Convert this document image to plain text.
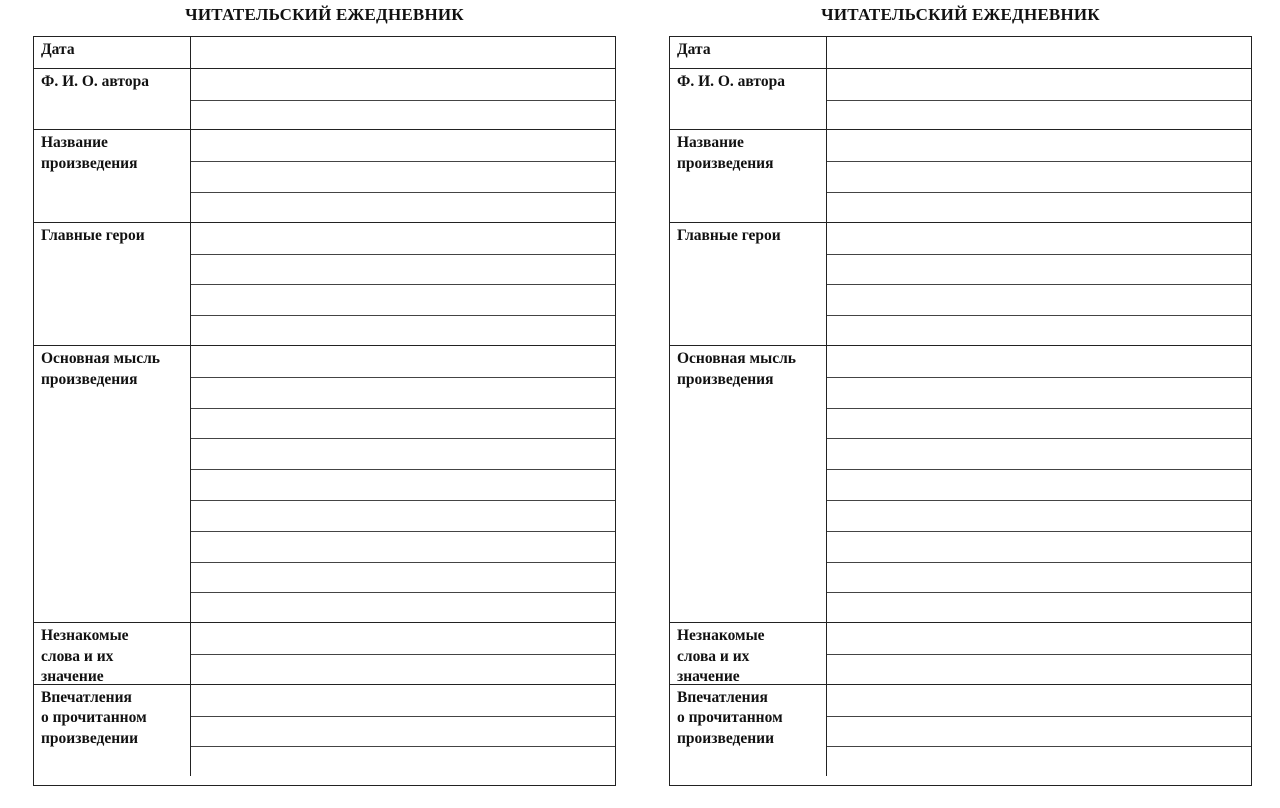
ЧИТАТЕЛЬСКИЙ ЕЖЕДНЕВНИК
Дата
Ф. И. О. автора
Название
произведения
Главные герои
Основная мысль
произведения
Незнакомые
слова и их
значение
Впечатления
о прочитанном
произведении
ЧИТАТЕЛЬСКИЙ ЕЖЕДНЕВНИК
Дата
Ф. И. О. автора
Название
произведения
Главные герои
Основная мысль
произведения
Незнакомые
слова и их
значение
Впечатления
о прочитанном
произведении
